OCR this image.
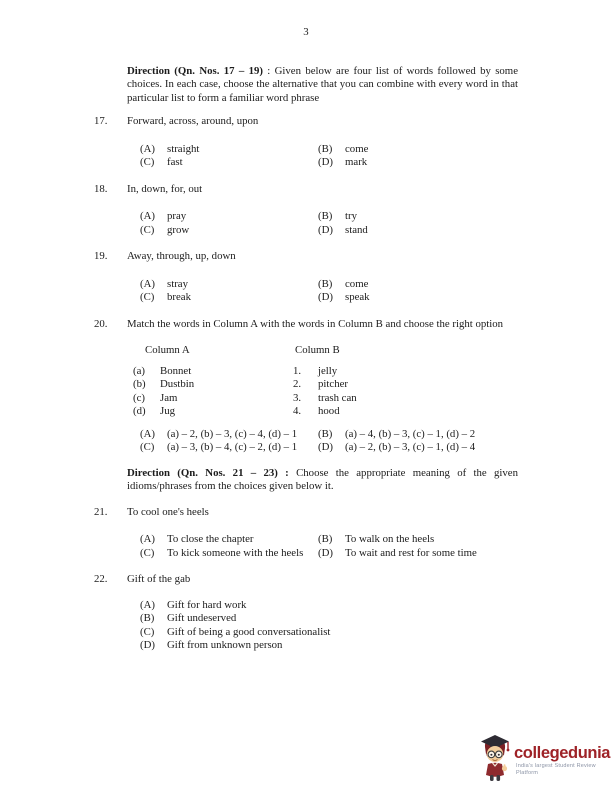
3
Direction (Qn. Nos. 17 – 19) : Given below are four list of words followed by some choices. In each case, choose the alternative that you can combine with every word in that particular list to form a familiar word phrase
17.	Forward, across, around, upon
(A)	straight	(B)	come
(C)	fast	(D)	mark
18.	In, down, for, out
(A)	pray	(B)	try
(C)	grow	(D)	stand
19.	Away, through, up, down
(A)	stray	(B)	come
(C)	break	(D)	speak
20.	Match the words in Column A with the words in Column B and choose the right option
Column A	Column B
(a)	Bonnet	1.	jelly
(b)	Dustbin	2.	pitcher
(c)	Jam	3.	trash can
(d)	Jug	4.	hood
(A)	(a) – 2, (b) – 3, (c) – 4, (d) – 1	(B)	(a) – 4, (b) – 3, (c) – 1, (d) – 2
(C)	(a) – 3, (b) – 4, (c) – 2, (d) – 1	(D)	(a) – 2, (b) – 3, (c) – 1, (d) – 4
Direction (Qn. Nos. 21 – 23) : Choose the appropriate meaning of the given idioms/phrases from the choices given below it.
21.	To cool one's heels
(A)	To close the chapter	(B)	To walk on the heels
(C)	To kick someone with the heels	(D)	To wait and rest for some time
22.	Gift of the gab
(A)	Gift for hard work
(B)	Gift undeserved
(C)	Gift of being a good conversationalist
(D)	Gift from unknown person
collegedunia
India's largest Student Review Platform
